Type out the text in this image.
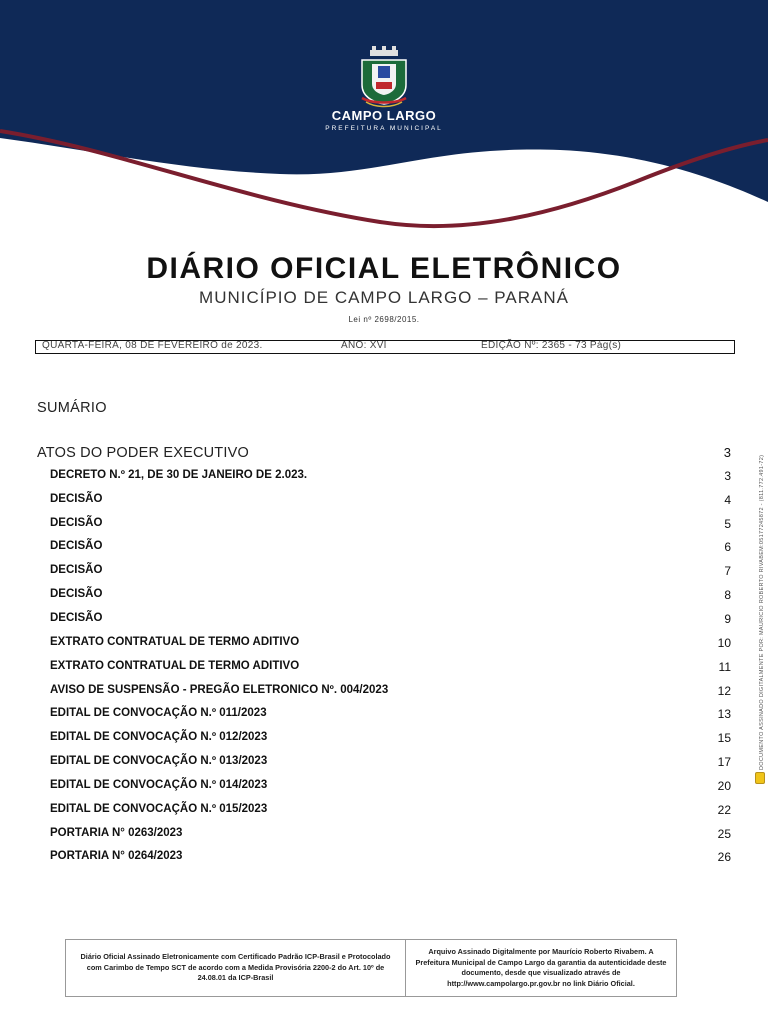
CAMPO LARGO
PREFEITURA MUNICIPAL
DIÁRIO OFICIAL ELETRÔNICO
MUNICÍPIO DE CAMPO LARGO – PARANÁ
Lei nº 2698/2015.
QUARTA-FEIRA, 08 DE FEVEREIRO de 2023.	ANO: XVI	EDIÇÃO Nº: 2365 - 73 Pág(s)
SUMÁRIO
ATOS DO PODER EXECUTIVO	3
DECRETO N.º 21, DE 30 DE JANEIRO DE 2.023.	3
DECISÃO	4
DECISÃO	5
DECISÃO	6
DECISÃO	7
DECISÃO	8
DECISÃO	9
EXTRATO CONTRATUAL DE TERMO ADITIVO	10
EXTRATO CONTRATUAL DE TERMO ADITIVO	11
AVISO DE SUSPENSÃO - PREGÃO ELETRONICO Nº. 004/2023	12
EDITAL DE CONVOCAÇÃO N.º 011/2023	13
EDITAL DE CONVOCAÇÃO N.º 012/2023	15
EDITAL DE CONVOCAÇÃO N.º 013/2023	17
EDITAL DE CONVOCAÇÃO N.º 014/2023	20
EDITAL DE CONVOCAÇÃO N.º 015/2023	22
PORTARIA N° 0263/2023	25
PORTARIA N° 0264/2023	26
DOCUMENTO ASSINADO DIGITALMENTE POR: MAURICIO ROBERTO RIVABEM:05177245872 - (811.772.491-72)
Diário Oficial Assinado Eletronicamente com Certificado Padrão ICP-Brasil e Protocolado com Carimbo de Tempo SCT de acordo com a Medida Provisória 2200-2 do Art. 10º de 24.08.01 da ICP-Brasil
Arquivo Assinado Digitalmente por Maurício Roberto Rivabem. A Prefeitura Municipal de Campo Largo da garantia da autenticidade deste documento, desde que visualizado através de http://www.campolargo.pr.gov.br no link Diário Oficial.
